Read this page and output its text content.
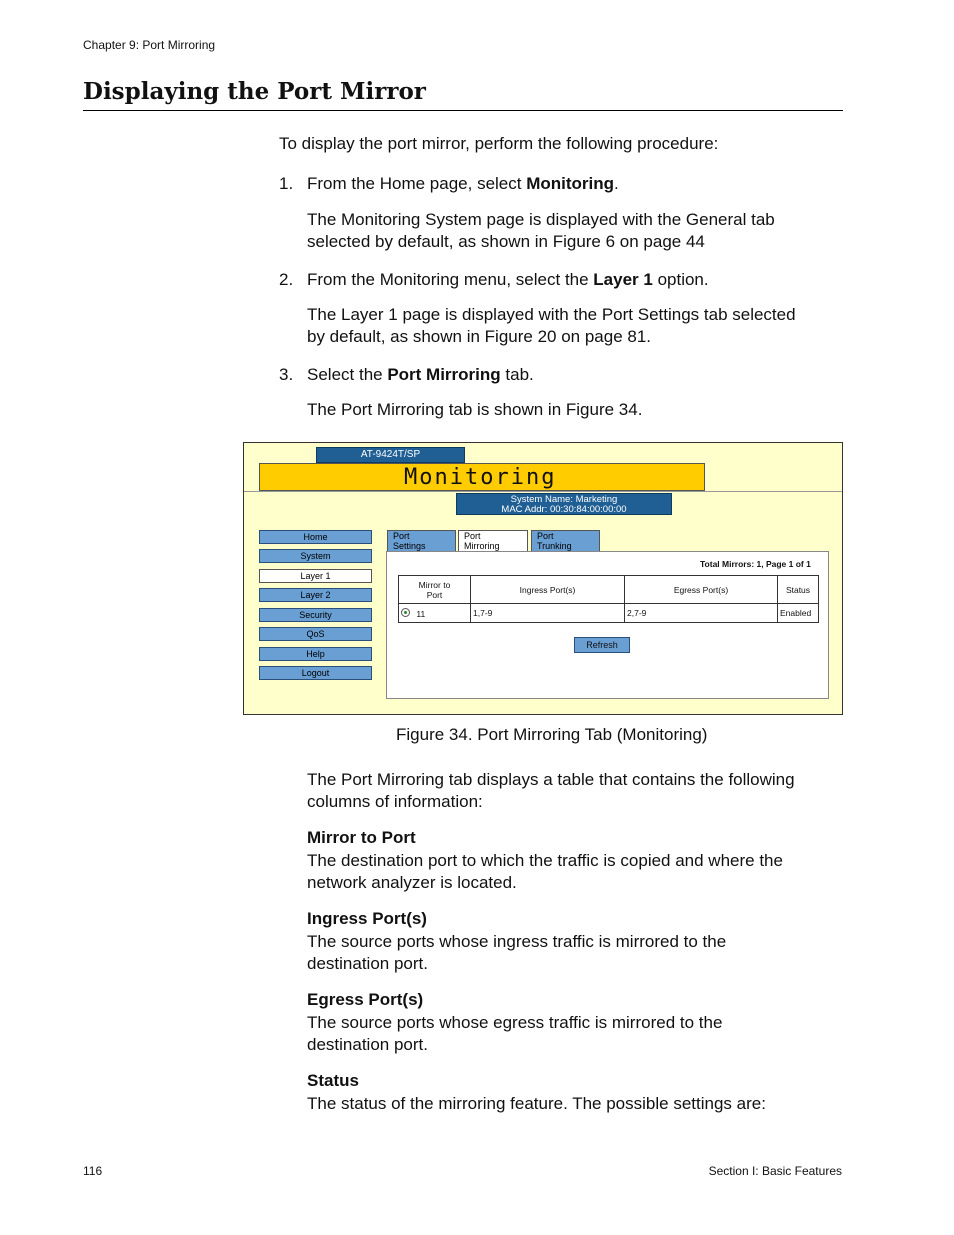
Chapter 9: Port Mirroring
Displaying the Port Mirror
To display the port mirror, perform the following procedure:
1. From the Home page, select Monitoring.
The Monitoring System page is displayed with the General tab selected by default, as shown in Figure 6 on page 44
2. From the Monitoring menu, select the Layer 1 option.
The Layer 1 page is displayed with the Port Settings tab selected by default, as shown in Figure 20 on page 81.
3. Select the Port Mirroring tab.
The Port Mirroring tab is shown in Figure 34.
AT-9424T/SP
Monitoring
System Name: Marketing
MAC Addr: 00:30:84:00:00:00
Home
System
Layer 1
Layer 2
Security
QoS
Help
Logout
Port
Settings
Port
Mirroring
Port
Trunking
Total Mirrors: 1, Page 1 of 1
Mirror to
Port	Ingress Port(s)	Egress Port(s)	Status
11	1,7-9	2,7-9	Enabled
Refresh
Figure 34. Port Mirroring Tab (Monitoring)
The Port Mirroring tab displays a table that contains the following columns of information:
Mirror to Port
The destination port to which the traffic is copied and where the network analyzer is located.
Ingress Port(s)
The source ports whose ingress traffic is mirrored to the destination port.
Egress Port(s)
The source ports whose egress traffic is mirrored to the destination port.
Status
The status of the mirroring feature. The possible settings are:
116	Section I: Basic Features
